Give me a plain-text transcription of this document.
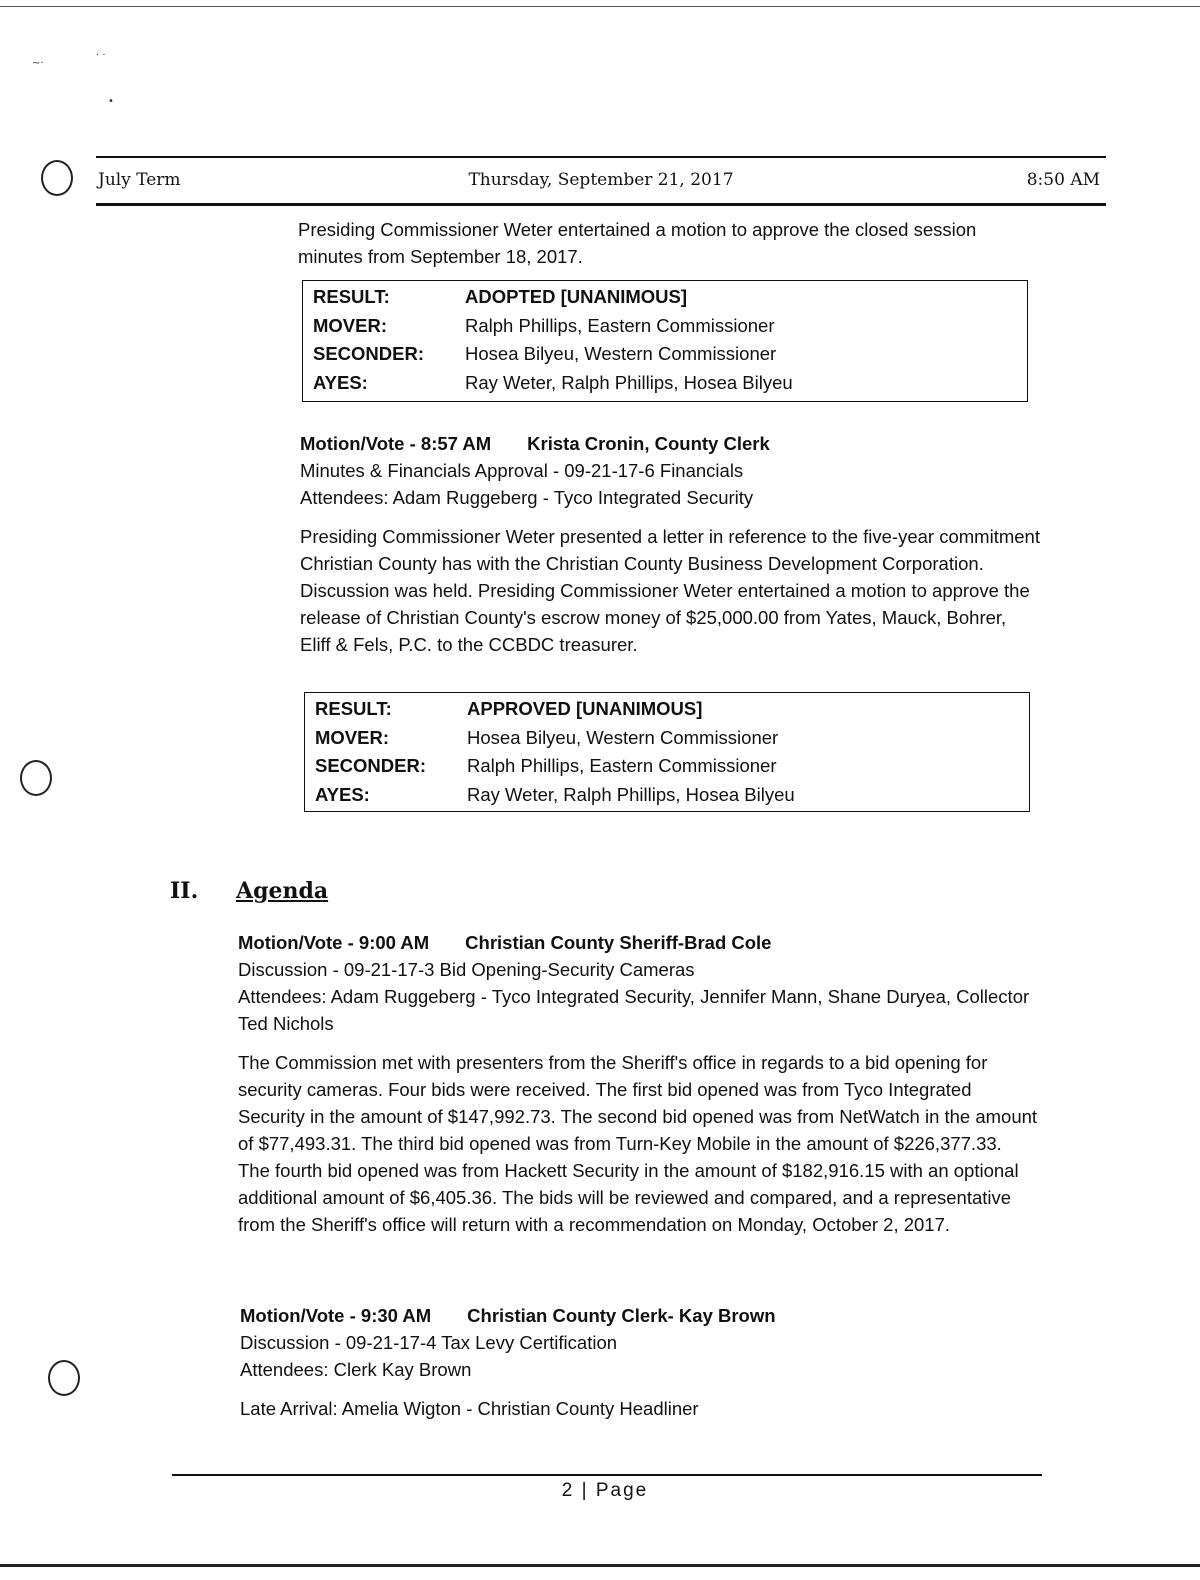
~·
· ·
•
July Term	Thursday, September 21, 2017	8:50 AM

Presiding Commissioner Weter entertained a motion to approve the closed session minutes from September 18, 2017.

RESULT:	ADOPTED [UNANIMOUS]
MOVER:	Ralph Phillips, Eastern Commissioner
SECONDER: Hosea Bilyeu, Western Commissioner
AYES:	Ray Weter, Ralph Phillips, Hosea Bilyeu
Motion/Vote - 8:57 AM Krista Cronin, County Clerk
Minutes & Financials Approval - 09-21-17-6 Financials
Attendees: Adam Ruggeberg - Tyco Integrated Security

Presiding Commissioner Weter presented a letter in reference to the five-year commitment Christian County has with the Christian County Business Development Corporation. Discussion was held. Presiding Commissioner Weter entertained a motion to approve the release of Christian County's escrow money of $25,000.00 from Yates, Mauck, Bohrer, Eliff & Fels, P.C. to the CCBDC treasurer.

RESULT:	APPROVED [UNANIMOUS]
MOVER:	Hosea Bilyeu, Western Commissioner
SECONDER: Ralph Phillips, Eastern Commissioner
AYES:	Ray Weter, Ralph Phillips, Hosea Bilyeu
II. Agenda
Motion/Vote - 9:00 AM Christian County Sheriff-Brad Cole
Discussion - 09-21-17-3 Bid Opening-Security Cameras
Attendees: Adam Ruggeberg - Tyco Integrated Security, Jennifer Mann, Shane Duryea, Collector Ted Nichols

The Commission met with presenters from the Sheriff's office in regards to a bid opening for security cameras. Four bids were received. The first bid opened was from Tyco Integrated Security in the amount of $147,992.73. The second bid opened was from NetWatch in the amount of $77,493.31. The third bid opened was from Turn-Key Mobile in the amount of $226,377.33. The fourth bid opened was from Hackett Security in the amount of $182,916.15 with an optional additional amount of $6,405.36. The bids will be reviewed and compared, and a representative from the Sheriff's office will return with a recommendation on Monday, October 2, 2017.

Motion/Vote - 9:30 AM Christian County Clerk- Kay Brown
Discussion - 09-21-17-4 Tax Levy Certification
Attendees: Clerk Kay Brown
Late Arrival: Amelia Wigton - Christian County Headliner
2 | Page
